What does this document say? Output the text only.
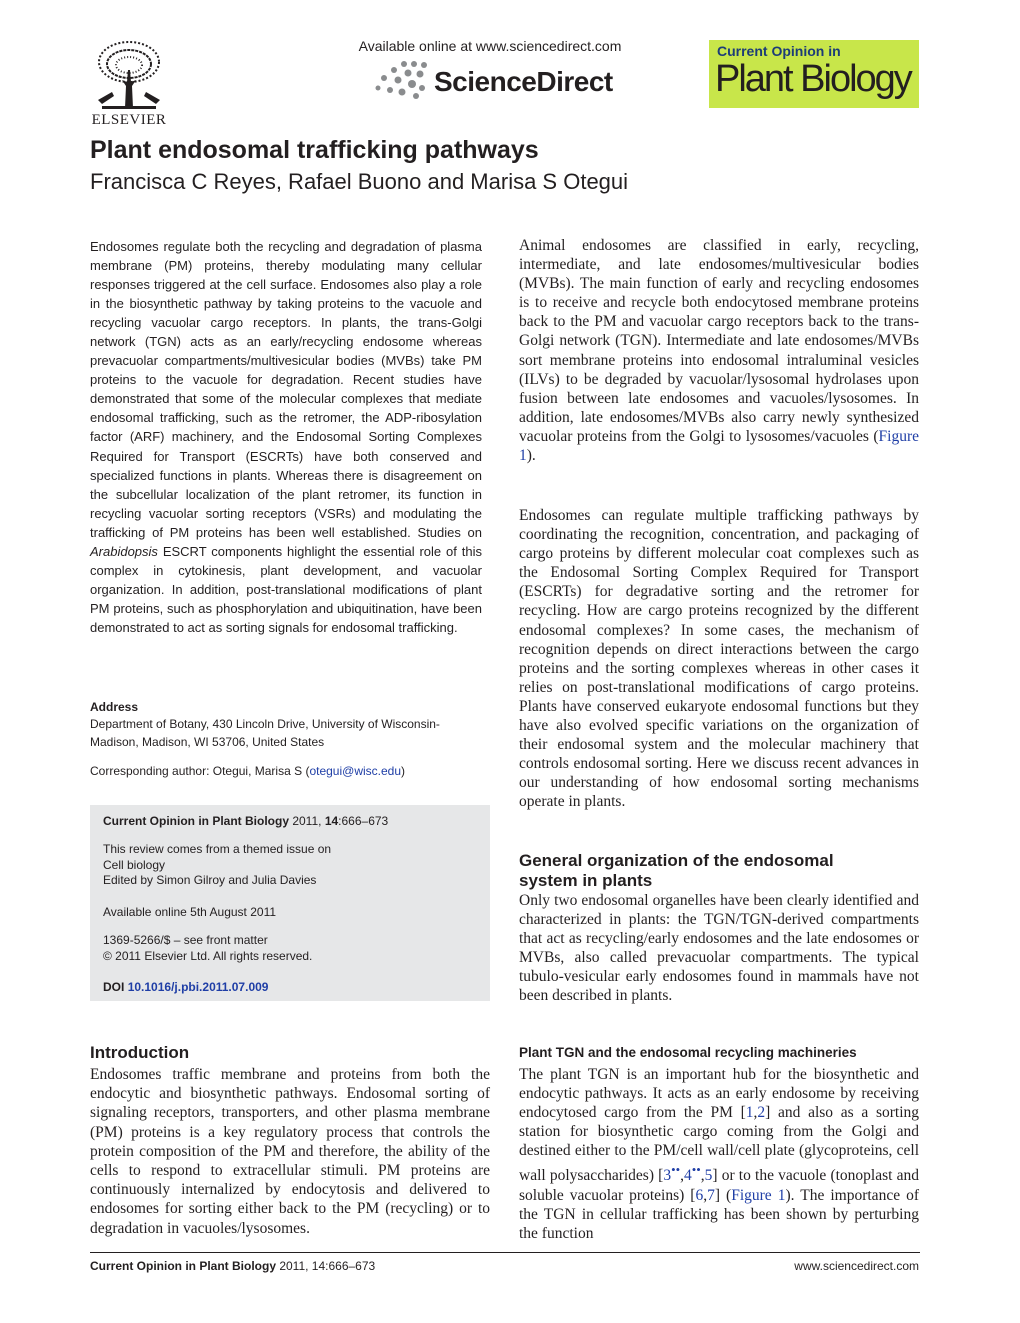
ELSEVIER
Available online at www.sciencedirect.com
ScienceDirect
Current Opinion in
Plant Biology
Plant endosomal trafficking pathways
Francisca C Reyes, Rafael Buono and Marisa S Otegui

Endosomes regulate both the recycling and degradation of plasma membrane (PM) proteins, thereby modulating many cellular responses triggered at the cell surface. Endosomes also play a role in the biosynthetic pathway by taking proteins to the vacuole and recycling vacuolar cargo receptors. In plants, the trans-Golgi network (TGN) acts as an early/recycling endosome whereas prevacuolar compartments/multivesicular bodies (MVBs) take PM proteins to the vacuole for degradation. Recent studies have demonstrated that some of the molecular complexes that mediate endosomal trafficking, such as the retromer, the ADP-ribosylation factor (ARF) machinery, and the Endosomal Sorting Complexes Required for Transport (ESCRTs) have both conserved and specialized functions in plants. Whereas there is disagreement on the subcellular localization of the plant retromer, its function in recycling vacuolar sorting receptors (VSRs) and modulating the trafficking of PM proteins has been well established. Studies on Arabidopsis ESCRT components highlight the essential role of this complex in cytokinesis, plant development, and vacuolar organization. In addition, post-translational modifications of plant PM proteins, such as phosphorylation and ubiquitination, have been demonstrated to act as sorting signals for endosomal trafficking.

Address
Department of Botany, 430 Lincoln Drive, University of Wisconsin-
Madison, Madison, WI 53706, United States
Corresponding author: Otegui, Marisa S (otegui@wisc.edu)
Current Opinion in Plant Biology 2011, 14:666–673
This review comes from a themed issue on
Cell biology
Edited by Simon Gilroy and Julia Davies
Available online 5th August 2011
1369-5266/$ – see front matter
© 2011 Elsevier Ltd. All rights reserved.
DOI 10.1016/j.pbi.2011.07.009
Introduction

Endosomes traffic membrane and proteins from both the endocytic and biosynthetic pathways. Endosomal sorting of signaling receptors, transporters, and other plasma membrane (PM) proteins is a key regulatory process that controls the protein composition of the PM and therefore, the ability of the cells to respond to extracellular stimuli. PM proteins are continuously internalized by endocytosis and delivered to endosomes for sorting either back to the PM (recycling) or to degradation in vacuoles/lysosomes.

Animal endosomes are classified in early, recycling, intermediate, and late endosomes/multivesicular bodies (MVBs). The main function of early and recycling endosomes is to receive and recycle both endocytosed membrane proteins back to the PM and vacuolar cargo receptors back to the trans-Golgi network (TGN). Intermediate and late endosomes/MVBs sort membrane proteins into endosomal intraluminal vesicles (ILVs) to be degraded by vacuolar/lysosomal hydrolases upon fusion between late endosomes and vacuoles/lysosomes. In addition, late endosomes/MVBs also carry newly synthesized vacuolar proteins from the Golgi to lysosomes/vacuoles (Figure 1).

Endosomes can regulate multiple trafficking pathways by coordinating the recognition, concentration, and packaging of cargo proteins by different molecular coat complexes such as the Endosomal Sorting Complex Required for Transport (ESCRTs) for degradative sorting and the retromer for recycling. How are cargo proteins recognized by the different endosomal complexes? In some cases, the mechanism of recognition depends on direct interactions between the cargo proteins and the sorting complexes whereas in other cases it relies on post-translational modifications of cargo proteins. Plants have conserved eukaryote endosomal functions but they have also evolved specific variations on the organization of their endosomal system and the molecular machinery that controls endosomal sorting. Here we discuss recent advances in our understanding of how endosomal sorting mechanisms operate in plants.

General organization of the endosomal
system in plants

Only two endosomal organelles have been clearly identified and characterized in plants: the TGN/TGN-derived compartments that act as recycling/early endosomes and the late endosomes or MVBs, also called prevacuolar compartments. The typical tubulo-vesicular early endosomes found in mammals have not been described in plants.

Plant TGN and the endosomal recycling machineries

The plant TGN is an important hub for the biosynthetic and endocytic pathways. It acts as an early endosome by receiving endocytosed cargo from the PM [1,2] and also as a sorting station for biosynthetic cargo coming from the Golgi and destined either to the PM/cell wall/cell plate (glycoproteins, cell wall polysaccharides) [3••,4••,5] or to the vacuole (tonoplast and soluble vacuolar proteins) [6,7] (Figure 1). The importance of the TGN in cellular trafficking has been shown by perturbing the function

Current Opinion in Plant Biology 2011, 14:666–673	www.sciencedirect.com
